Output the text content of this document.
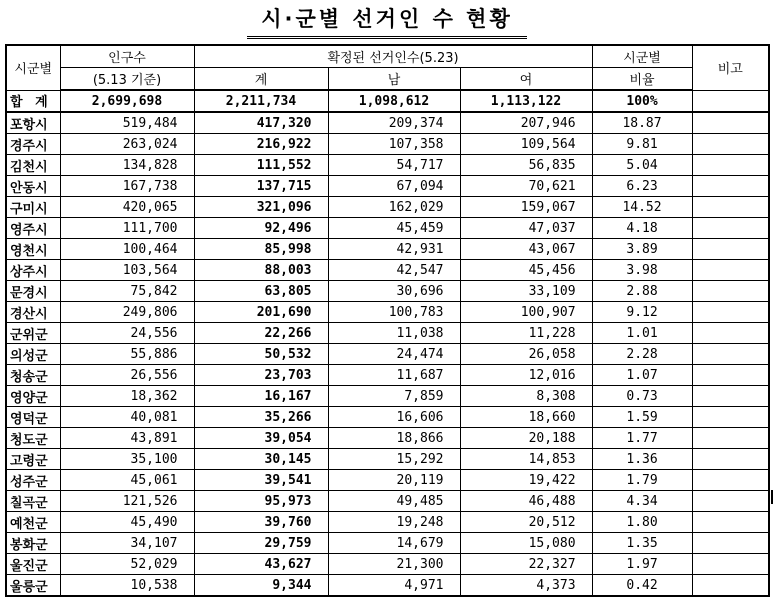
시·군별 선거인 수 현황
시군별	인구수	확정된 선거인수(5.23)			시군별	비고
	(5.13 기준)	계	남	여	비율	
합 계	2,699,698	2,211,734	1,098,612	1,113,122	100%	
포항시	519,484	417,320	209,374	207,946	18.87	
경주시	263,024	216,922	107,358	109,564	9.81	
김천시	134,828	111,552	54,717	56,835	5.04	
안동시	167,738	137,715	67,094	70,621	6.23	
구미시	420,065	321,096	162,029	159,067	14.52	
영주시	111,700	92,496	45,459	47,037	4.18	
영천시	100,464	85,998	42,931	43,067	3.89	
상주시	103,564	88,003	42,547	45,456	3.98	
문경시	75,842	63,805	30,696	33,109	2.88	
경산시	249,806	201,690	100,783	100,907	9.12	
군위군	24,556	22,266	11,038	11,228	1.01	
의성군	55,886	50,532	24,474	26,058	2.28	
청송군	26,556	23,703	11,687	12,016	1.07	
영양군	18,362	16,167	7,859	8,308	0.73	
영덕군	40,081	35,266	16,606	18,660	1.59	
청도군	43,891	39,054	18,866	20,188	1.77	
고령군	35,100	30,145	15,292	14,853	1.36	
성주군	45,061	39,541	20,119	19,422	1.79	
칠곡군	121,526	95,973	49,485	46,488	4.34	
예천군	45,490	39,760	19,248	20,512	1.80	
봉화군	34,107	29,759	14,679	15,080	1.35	
울진군	52,029	43,627	21,300	22,327	1.97	
울릉군	10,538	9,344	4,971	4,373	0.42	
